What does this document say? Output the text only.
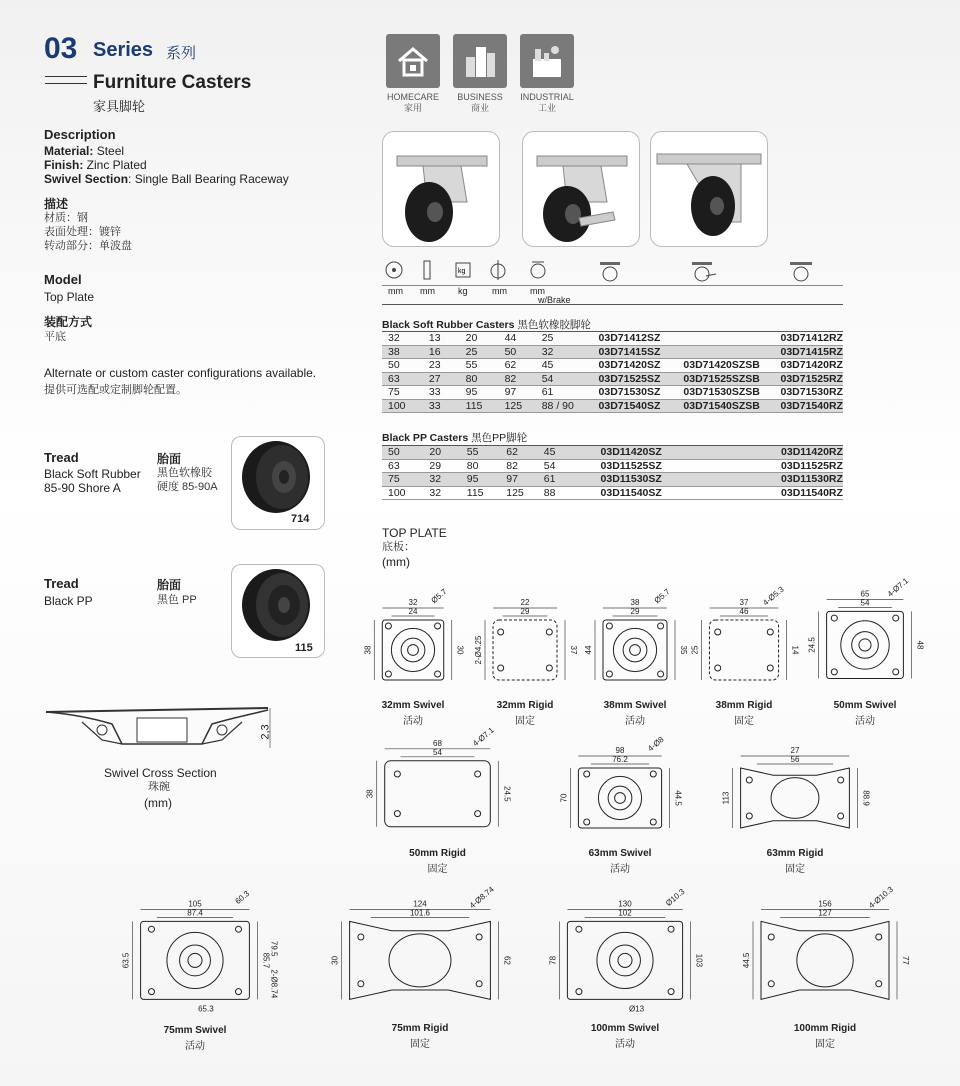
03 Series 系列
Furniture Casters
家具脚轮
Description
Material: Steel
Finish: Zinc Plated
Swivel Section: Single Ball Bearing Raceway
描述
材质：钢
表面处理：镀锌
转动部分：单波盘
Model
Top Plate
装配方式
平底
Alternate or custom caster configurations available.
提供可选配或定制脚轮配置。
Tread
Black Soft Rubber
85-90 Shore A
胎面
黑色软橡胶
硬度 85-90A
714
Tread
Black PP
胎面
黑色 PP
115
2,3
Swivel Cross Section
珠碗
(mm)
HOMECARE
家用
BUSINESS
商业
INDUSTRIAL
工业
kg
mm mm	kg	mm	mm
w/Brake
Black Soft Rubber Casters 黑色软橡胶脚轮
32	13	20	44	25	03D71412SZ		03D71412RZ
38	16	25	50	32	03D71415SZ		03D71415RZ
50	23	55	62	45	03D71420SZ	03D71420SZSB	03D71420RZ
63	27	80	82	54	03D71525SZ	03D71525SZSB	03D71525RZ
75	33	95	97	61	03D71530SZ	03D71530SZSB	03D71530RZ
100	33	115	125	88 / 90	03D71540SZ	03D71540SZSB	03D71540RZ
Black PP Casters 黑色PP脚轮
50	20	55	62	45	03D11420SZ		03D11420RZ
63	29	80	82	54	03D11525SZ		03D11525RZ
75	32	95	97	61	03D11530SZ		03D11530RZ
100	32	115	125	88	03D11540SZ		03D11540RZ
TOP PLATE
底板：
(mm)
32
24
30
38
Ø5.7
32mm Swivel
活动
22
29
37
2-Ø4.25
32mm Rigid
固定
38
29
35
44
Ø5.7
38mm Swivel
活动
37
46
14
25
4-Ø5.3
38mm Rigid
固定
65
54
48
24.5
4-Ø7.1
50mm Swivel
活动
68
54
24.5
38
4-Ø7.1
50mm Rigid
固定
98
76.2
44.5
70
4-Ø8
63mm Swivel
活动
27
56
88.9
113
63mm Rigid
固定
105
87.4
85.7
63.5
60.3
65.3
79.5
2-Ø8.74
75mm Swivel
活动
124
101.6
62
30
4-Ø8.74
75mm Rigid
固定
130
102
103
78
Ø10.3
Ø13
100mm Swivel
活动
156
127
77
44.5
4-Ø10.3
100mm Rigid
固定
